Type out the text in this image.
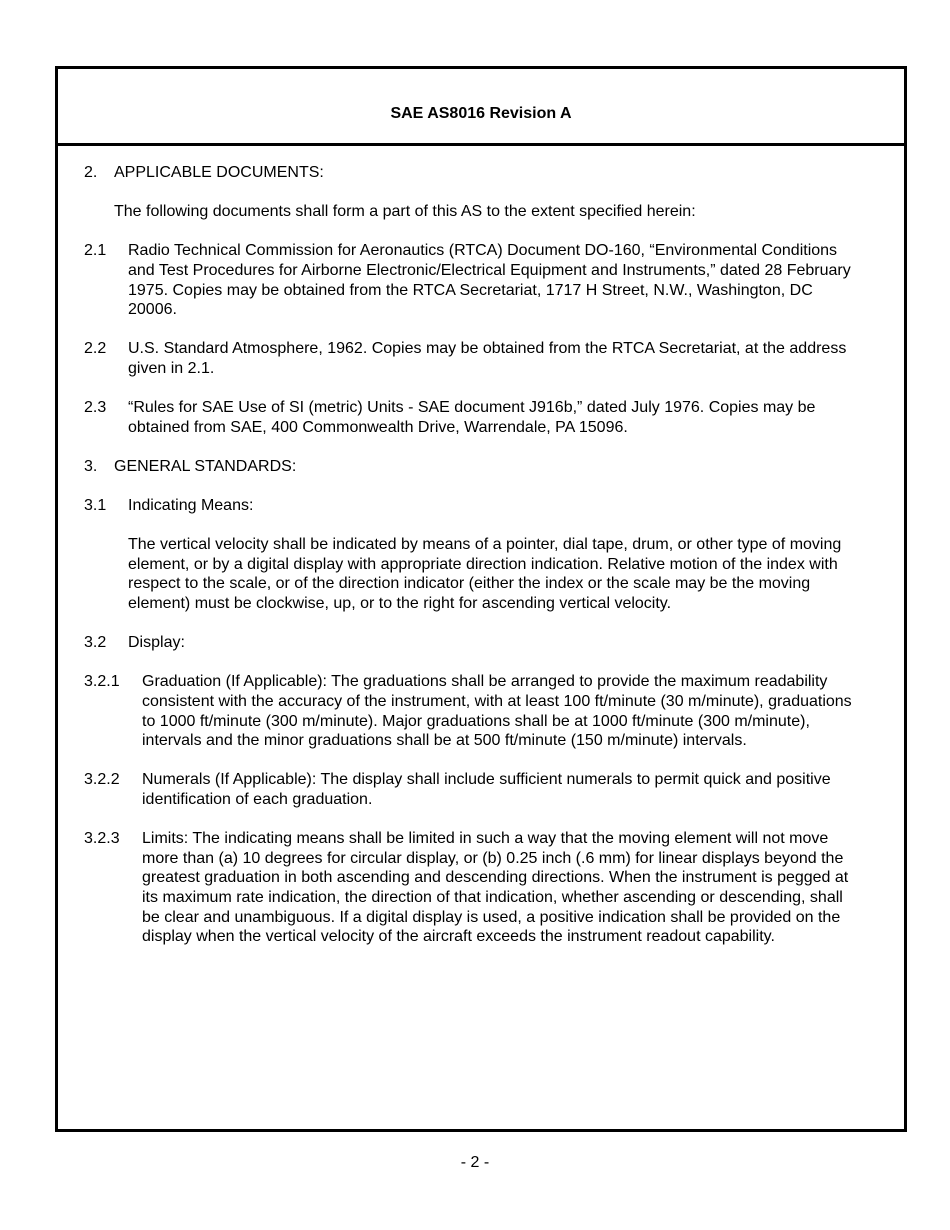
SAE AS8016 Revision A
2.	APPLICABLE DOCUMENTS:

The following documents shall form a part of this AS to the extent specified herein:

2.1	Radio Technical Commission for Aeronautics (RTCA) Document DO-160, “Environmental Conditions and Test Procedures for Airborne Electronic/Electrical Equipment and Instruments,” dated 28 February 1975. Copies may be obtained from the RTCA Secretariat, 1717 H Street, N.W., Washington, DC 20006.
2.2	U.S. Standard Atmosphere, 1962. Copies may be obtained from the RTCA Secretariat, at the address given in 2.1.
2.3	“Rules for SAE Use of SI (metric) Units - SAE document J916b,” dated July 1976. Copies may be obtained from SAE, 400 Commonwealth Drive, Warrendale, PA 15096.
3.	GENERAL STANDARDS:
3.1	Indicating Means:

The vertical velocity shall be indicated by means of a pointer, dial tape, drum, or other type of moving element, or by a digital display with appropriate direction indication. Relative motion of the index with respect to the scale, or of the direction indicator (either the index or the scale may be the moving element) must be clockwise, up, or to the right for ascending vertical velocity.

3.2	Display:
3.2.1	Graduation (If Applicable): The graduations shall be arranged to provide the maximum readability consistent with the accuracy of the instrument, with at least 100 ft/minute (30 m/minute), graduations to 1000 ft/minute (300 m/minute). Major graduations shall be at 1000 ft/minute (300 m/minute), intervals and the minor graduations shall be at 500 ft/minute (150 m/minute) intervals.
3.2.2	Numerals (If Applicable): The display shall include sufficient numerals to permit quick and positive identification of each graduation.
3.2.3	Limits: The indicating means shall be limited in such a way that the moving element will not move more than (a) 10 degrees for circular display, or (b) 0.25 inch (.6 mm) for linear displays beyond the greatest graduation in both ascending and descending directions. When the instrument is pegged at its maximum rate indication, the direction of that indication, whether ascending or descending, shall be clear and unambiguous. If a digital display is used, a positive indication shall be provided on the display when the vertical velocity of the aircraft exceeds the instrument readout capability.
- 2 -
